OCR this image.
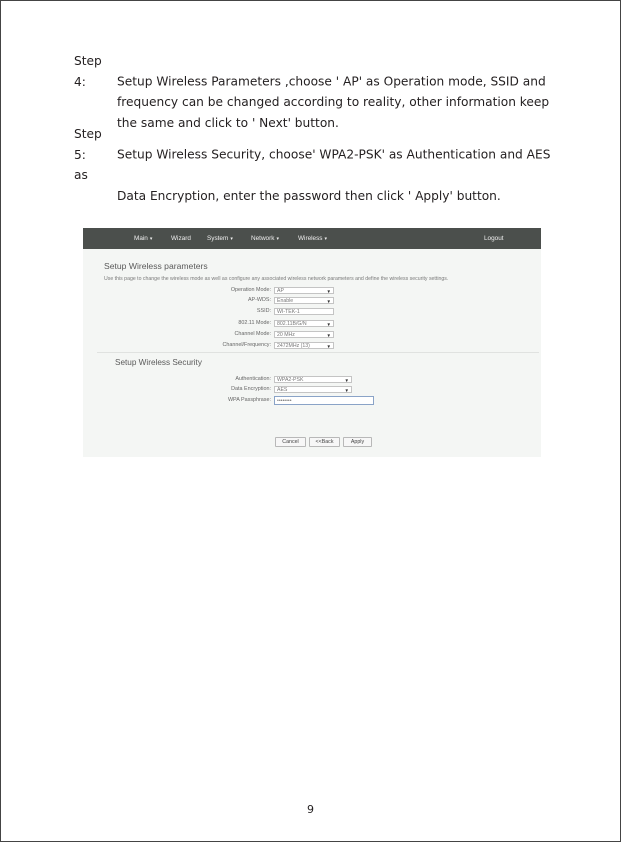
Step 4:	Setup Wireless Parameters ,choose ' AP' as Operation mode, SSID and
frequency can be changed according to reality, other information keep
the same and click to ' Next' button.
Step 5:	Setup Wireless Security, choose' WPA2-PSK' as Authentication and AES as
Data Encryption, enter the password then click ' Apply' button.
Main ▾	Wizard	System ▾	Network ▾	Wireless ▾	Logout
Setup Wireless parameters
Use this page to change the wireless mode as well as configure any associated wireless network parameters and define the wireless security settings.
Operation Mode:	AP	▼
AP-WDS:	Enable	▼
SSID:	WI-TEK-1
802.11 Mode:	802.11B/G/N	▼
Channel Mode:	20 MHz	▼
Channel/Frequency:	2472MHz (13)	▼
Setup Wireless Security
Authentication:	WPA2-PSK	▼
Data Encryption:	AES	▼
WPA Passphrase:	••••••••
Cancel	<<Back	Apply
9
